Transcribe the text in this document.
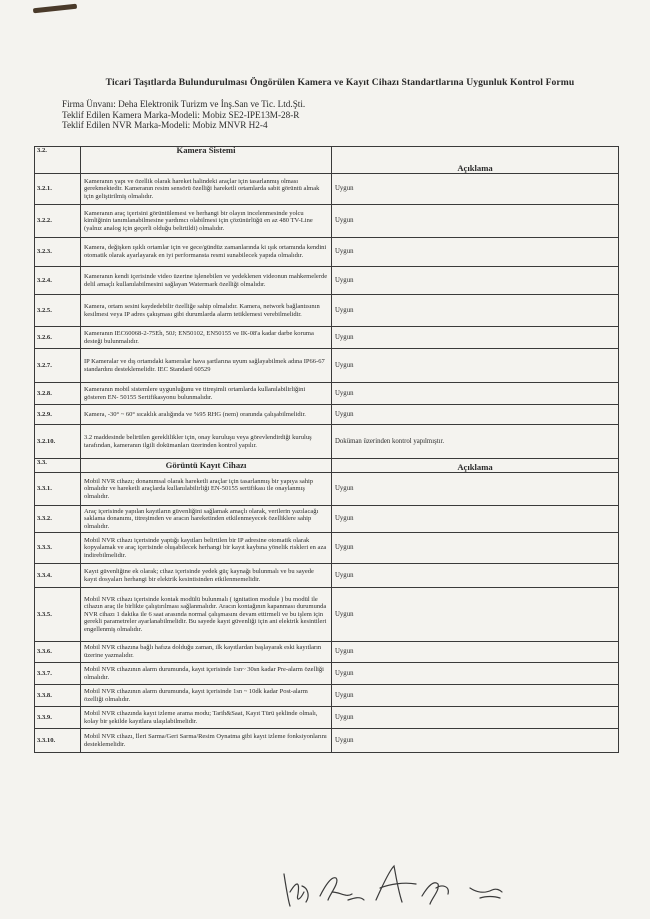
Ticari Taşıtlarda Bulundurulması Öngörülen Kamera ve Kayıt Cihazı Standartlarına Uygunluk Kontrol Formu
Firma Ünvanı: Deha Elektronik Turizm ve İnş.San ve Tic. Ltd.Şti.
Teklif Edilen Kamera Marka-Modeli: Mobiz SE2-IPE13M-28-R
Teklif Edilen NVR Marka-Modeli: Mobiz MNVR H2-4
3.2.	Kamera Sistemi	Açıklama
3.2.1.	Kameranın yapı ve özellik olarak hareket halindeki araçlar için tasarlanmış olması gerekmektedir. Kameranın resim sensörü özelliği hareketli ortamlarda sabit görüntü almak için geliştirilmiş olmalıdır.	Uygun
3.2.2.	Kameranın araç içerisini görüntülemesi ve herhangi bir olayın incelenmesinde yolcu kimliğinin tanımlanabilmesine yardımcı olabilmesi için çözünürlüğü en az 480 TV-Line (yalnız analog için geçerli olduğu belirtildi) olmalıdır.	Uygun
3.2.3.	Kamera, değişken ışıklı ortamlar için ve gece/gündüz zamanlarında ki ışık ortamında kendini otomatik olarak ayarlayarak en iyi performansta resmi sunabilecek yapıda olmalıdır.	Uygun
3.2.4.	Kameranın kendi içerisinde video üzerine işlenebilen ve yedeklenen videonun mahkemelerde delil amaçlı kullanılabilmesini sağlayan Watermark özelliği olmalıdır.	Uygun
3.2.5.	Kamera, ortam sesini kaydedebilir özelliğe sahip olmalıdır. Kamera, network bağlantısının kesilmesi veya IP adres çakışması gibi durumlarda alarm tetiklemesi verebilmelidir.	Uygun
3.2.6.	Kameranın IEC60068-2-75Eh, 50J; EN50102, EN50155 ve IK-08'a kadar darbe koruma desteği bulunmalıdır.	Uygun
3.2.7.	IP Kameralar ve dış ortamdaki kameralar hava şartlarına uyum sağlayabilmek adına IP66-67 standardını desteklemelidir. IEC Standard 60529	Uygun
3.2.8.	Kameranın mobil sistemlere uygunluğunu ve titreşimli ortamlarda kullanılabilirliğini gösteren EN- 50155 Sertifikasyonu bulunmalıdır.	Uygun
3.2.9.	Kamera, -30° ~ 60° sıcaklık aralığında ve %95 RHG (nem) oranında çalışabilmelidir.	Uygun
3.2.10.	3.2 maddesinde belirtilen gereklilikler için, onay kuruluşu veya görevlendirdiği kuruluş tarafından, kameranın ilgili dokümanları üzerinden kontrol yapılır.	Doküman üzerinden kontrol yapılmıştır.
3.3.	Görüntü Kayıt Cihazı	Açıklama
3.3.1.	Mobil NVR cihazı; donanımsal olarak hareketli araçlar için tasarlanmış bir yapıya sahip olmalıdır ve hareketli araçlarda kullanılabilirliği EN-50155 sertifikası ile onaylanmış olmalıdır.	Uygun
3.3.2.	Araç içerisinde yapılan kayıtların güvenliğini sağlamak amaçlı olarak, verilerin yazılacağı saklama donanımı, titreşimden ve aracın hareketinden etkilenmeyecek özelliklere sahip olmalıdır.	Uygun
3.3.3.	Mobil NVR cihazı içerisinde yaptığı kayıtları belirtilen bir IP adresine otomatik olarak kopyalamak ve araç içerisinde oluşabilecek herhangi bir kayıt kaybına yönelik riskleri en aza indirebilmelidir.	Uygun
3.3.4.	Kayıt güvenliğine ek olarak; cihaz içerisinde yedek güç kaynağı bulunmalı ve bu sayede kayıt dosyaları herhangi bir elektrik kesintisinden etkilenmemelidir.	Uygun
3.3.5.	Mobil NVR cihazı içerisinde kontak modülü bulunmalı ( ignitation module ) bu modül ile cihazın araç ile birlikte çalıştırılması sağlanmalıdır. Aracın kontağının kapanması durumunda NVR cihazı 1 dakika ile 6 saat arasında normal çalışmasını devam ettirmeli ve bu işlem için gerekli parametreler ayarlanabilmelidir. Bu sayede kayıt güvenliği için ani elektrik kesintileri engellenmiş olmalıdır.	Uygun
3.3.6.	Mobil NVR cihazına bağlı hafıza dolduğu zaman, ilk kayıtlardan başlayarak eski kayıtların üzerine yazmalıdır.	Uygun
3.3.7.	Mobil NVR cihazının alarm durumunda, kayıt içerisinde 1sn~ 30sn kadar Pre-alarm özelliği olmalıdır.	Uygun
3.3.8.	Mobil NVR cihazının alarm durumunda, kayıt içerisinde 1sn ~ 10dk kadar Post-alarm özelliği olmalıdır.	Uygun
3.3.9.	Mobil NVR cihazında kayıt izleme arama modu; Tarih&Saat, Kayıt Türü şeklinde olmalı, kolay bir şekilde kayıtlara ulaşılabilmelidir.	Uygun
3.3.10.	Mobil NVR cihazı, İleri Sarma/Geri Sarma/Resim Oynatma gibi kayıt izleme fonksiyonlarını desteklemelidir.	Uygun
